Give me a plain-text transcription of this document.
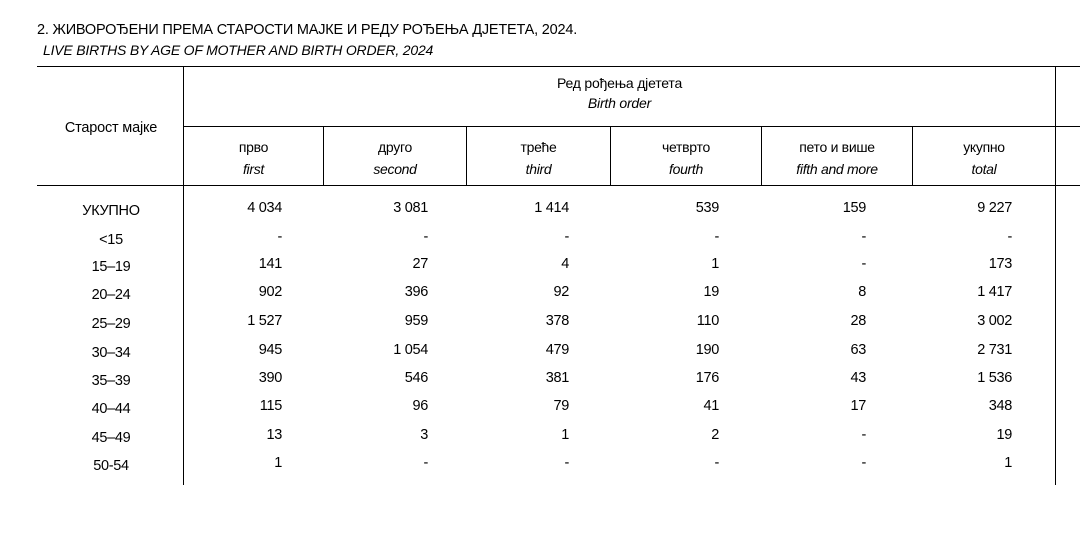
2. ЖИВОРОЂЕНИ ПРЕМА СТАРОСТИ МАЈКЕ И РЕДУ РОЂЕЊА ДЈЕТЕТА, 2024.
LIVE BIRTHS BY AGE OF MOTHER AND BIRTH ORDER, 2024
Старост мајке
Ред рођења дјетета
Birth order
прво
first
друго
second
треће
third
четврто
fourth
пето и више
fifth and more
укупно
total
УКУПНО	4 034	3 081	1 414	539	159	9 227
<15	-	-	-	-	-	-
15–19	141	27	4	1	-	173
20–24	902	396	92	19	8	1 417
25–29	1 527	959	378	110	28	3 002
30–34	945	1 054	479	190	63	2 731
35–39	390	546	381	176	43	1 536
40–44	115	96	79	41	17	348
45–49	13	3	1	2	-	19
50-54	1	-	-	-	-	1
